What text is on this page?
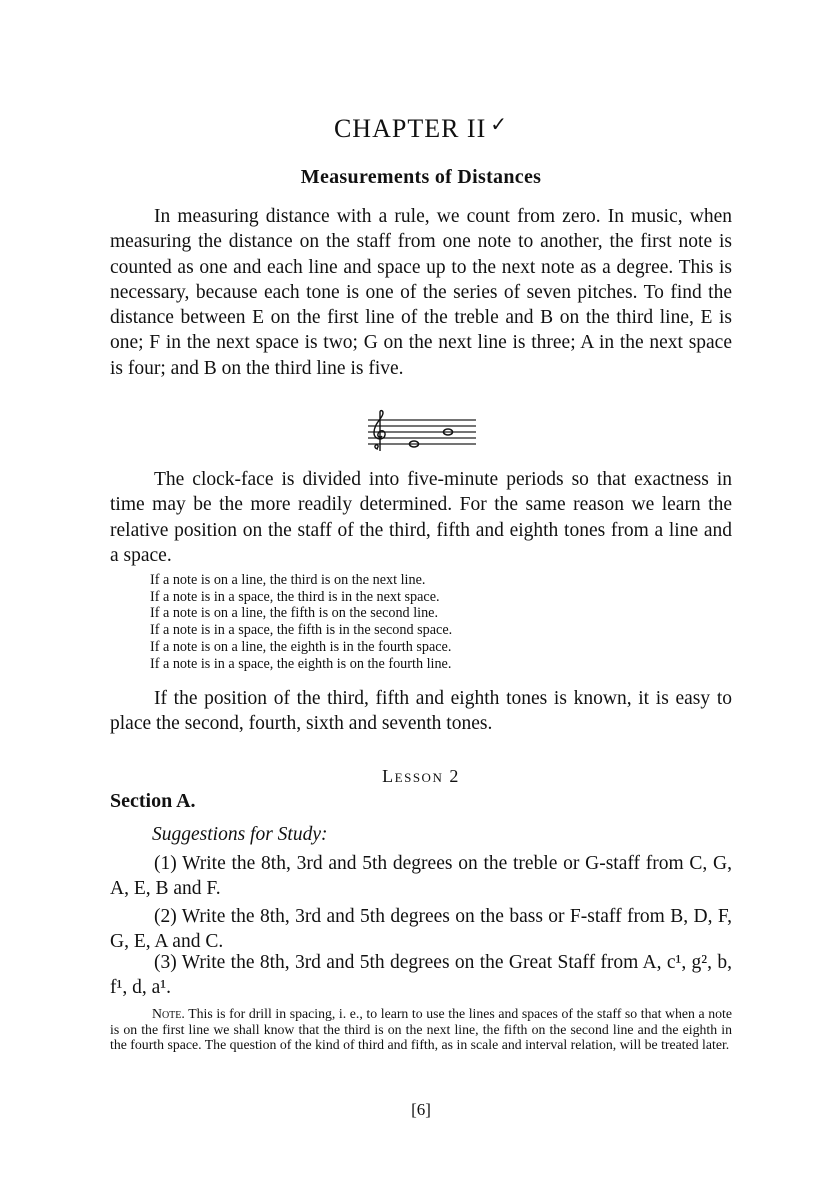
CHAPTER II ✓
Measurements of Distances

In measuring distance with a rule, we count from zero. In music, when measuring the distance on the staff from one note to another, the first note is counted as one and each line and space up to the next note as a degree. This is necessary, because each tone is one of the series of seven pitches. To find the distance between E on the first line of the treble and B on the third line, E is one; F in the next space is two; G on the next line is three; A in the next space is four; and B on the third line is five.

The clock-face is divided into five-minute periods so that exactness in time may be the more readily determined. For the same reason we learn the relative position on the staff of the third, fifth and eighth tones from a line and a space.

If a note is on a line, the third is on the next line.
If a note is in a space, the third is in the next space.
If a note is on a line, the fifth is on the second line.
If a note is in a space, the fifth is in the second space.
If a note is on a line, the eighth is in the fourth space.
If a note is in a space, the eighth is on the fourth line.

If the position of the third, fifth and eighth tones is known, it is easy to place the second, fourth, sixth and seventh tones.

Lesson 2
Section A.
Suggestions for Study:

(1) Write the 8th, 3rd and 5th degrees on the treble or G-staff from C, G, A, E, B and F.

(2) Write the 8th, 3rd and 5th degrees on the bass or F-staff from B, D, F, G, E, A and C.

(3) Write the 8th, 3rd and 5th degrees on the Great Staff from A, c¹, g², b, f¹, d, a¹.

Note. This is for drill in spacing, i. e., to learn to use the lines and spaces of the staff so that when a note is on the first line we shall know that the third is on the next line, the fifth on the second line and the eighth in the fourth space. The question of the kind of third and fifth, as in scale and interval relation, will be treated later.

[6]
